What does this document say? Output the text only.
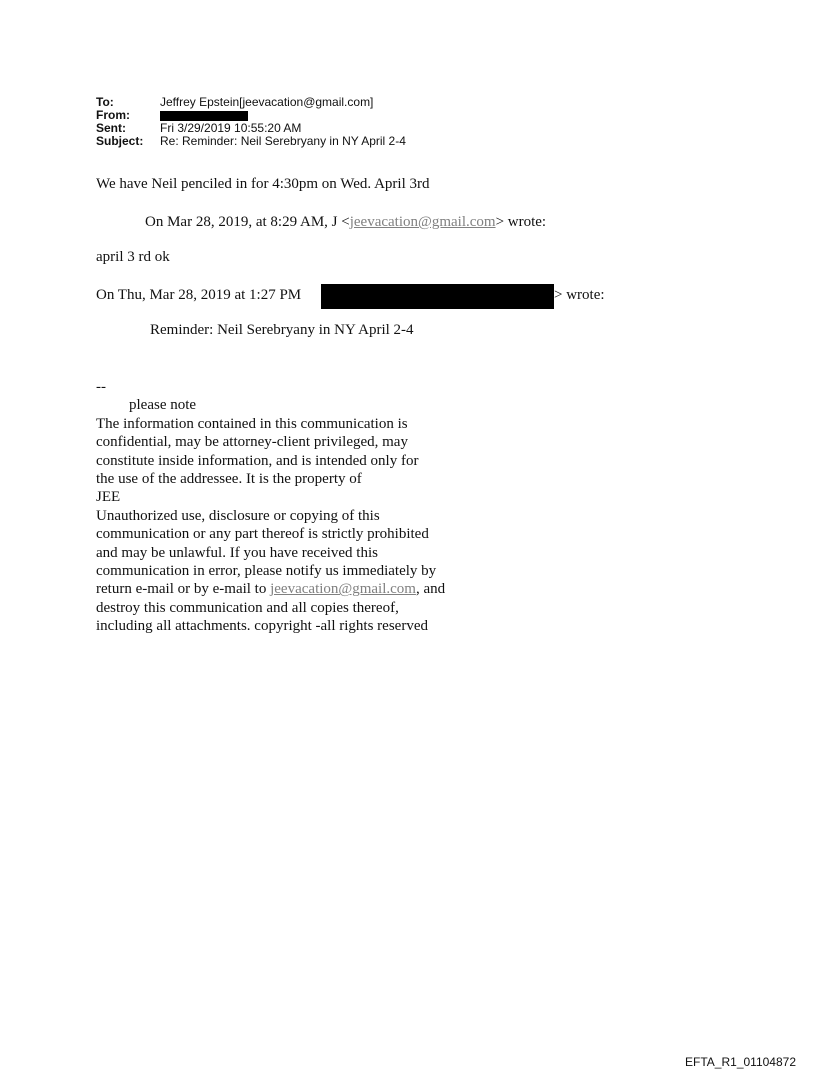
To:	Jeffrey Epstein[jeevacation@gmail.com]
From:
Sent:	Fri 3/29/2019 10:55:20 AM
Subject:	Re: Reminder: Neil Serebryany in NY April 2-4
We have Neil penciled in for 4:30pm on Wed. April 3rd
On Mar 28, 2019, at 8:29 AM, J <jeevacation@gmail.com> wrote:
april 3 rd ok
On Thu, Mar 28, 2019 at 1:27 PM	> wrote:
Reminder: Neil Serebryany in NY April 2-4
--
please note
The information contained in this communication is
confidential, may be attorney-client privileged, may
constitute inside information, and is intended only for
the use of the addressee. It is the property of
JEE
Unauthorized use, disclosure or copying of this
communication or any part thereof is strictly prohibited
and may be unlawful. If you have received this
communication in error, please notify us immediately by
return e-mail or by e-mail to jeevacation@gmail.com, and
destroy this communication and all copies thereof,
including all attachments. copyright -all rights reserved
EFTA_R1_01104872
